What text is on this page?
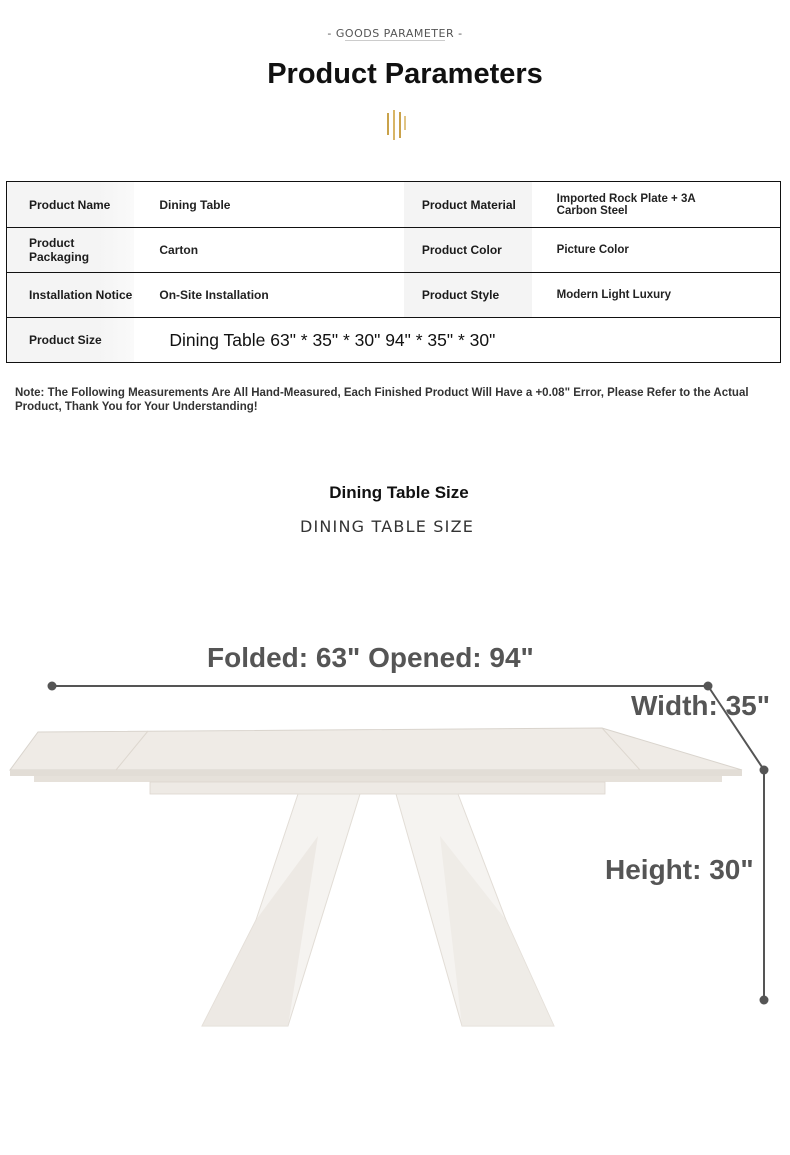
- GOODS PARAMETER -
Product Parameters
Product Name	Dining Table	Product Material	Imported Rock Plate + 3A Carbon Steel

Product Packaging	Carton	Product Color	Picture Color

Installation Notice	On-Site Installation	Product Style	Modern Light Luxury

Product Size	Dining Table 63" * 35" * 30" 94" * 35" * 30"		
Note: The Following Measurements Are All Hand-Measured, Each Finished Product Will Have a +0.08" Error, Please Refer to the Actual Product, Thank You for Your Understanding!
Dining Table Size
DINING TABLE SIZE
Folded: 63" Opened: 94"
Width: 35"
Height: 30"
